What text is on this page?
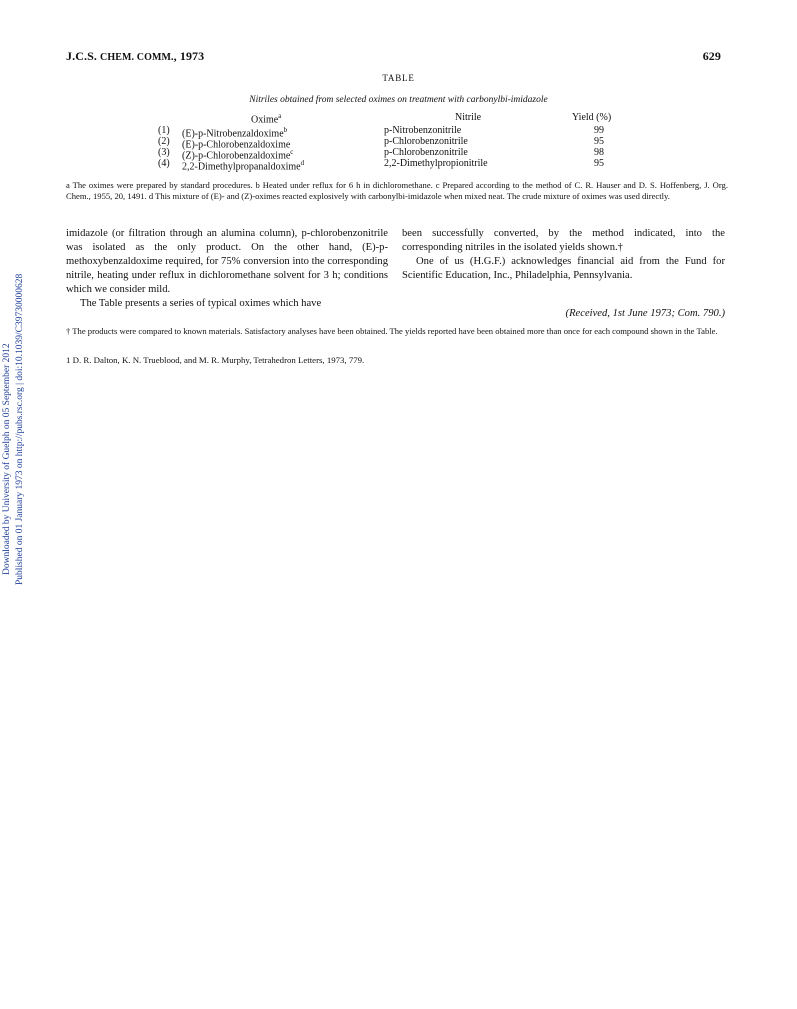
J.C.S. CHEM. COMM., 1973	629
TABLE
Nitriles obtained from selected oximes on treatment with carbonylbi-imidazole
Oxime$^a$	Nitrile	Yield (%)
(1) (E)-p-Nitrobenzaldoxime$^b$	p-Nitrobenzonitrile	99
(2) (E)-p-Chlorobenzaldoxime	p-Chlorobenzonitrile	95
(3) (Z)-p-Chlorobenzaldoxime$^c$	p-Chlorobenzonitrile	98
(4) 2,2-Dimethylpropanaldoxime$^d$	2,2-Dimethylpropionitrile	95
a The oximes were prepared by standard procedures. b Heated under reflux for 6 h in dichloromethane. c Prepared according to the method of C. R. Hauser and D. S. Hoffenberg, J. Org. Chem., 1955, 20, 1491. d This mixture of (E)- and (Z)-oximes reacted explosively with carbonylbi-imidazole when mixed neat. The crude mixture of oximes was used directly.

imidazole (or filtration through an alumina column), p-chlorobenzonitrile was isolated as the only product. On the other hand, (E)-p-methoxybenzaldoxime required, for 75% conversion into the corresponding nitrile, heating under reflux in dichloromethane solvent for 3 h; conditions which we consider mild.

The Table presents a series of typical oximes which have

been successfully converted, by the method indicated, into the corresponding nitriles in the isolated yields shown.†

One of us (H.G.F.) acknowledges financial aid from the Fund for Scientific Education, Inc., Philadelphia, Pennsylvania.

(Received, 1st June 1973; Com. 790.)
† The products were compared to known materials. Satisfactory analyses have been obtained. The yields reported have been obtained more than once for each compound shown in the Table.
1 D. R. Dalton, K. N. Trueblood, and M. R. Murphy, Tetrahedron Letters, 1973, 779.
Downloaded by University of Guelph on 05 September 2012 Published on 01 January 1973 on http://pubs.rsc.org | doi:10.1039/C39730000628
